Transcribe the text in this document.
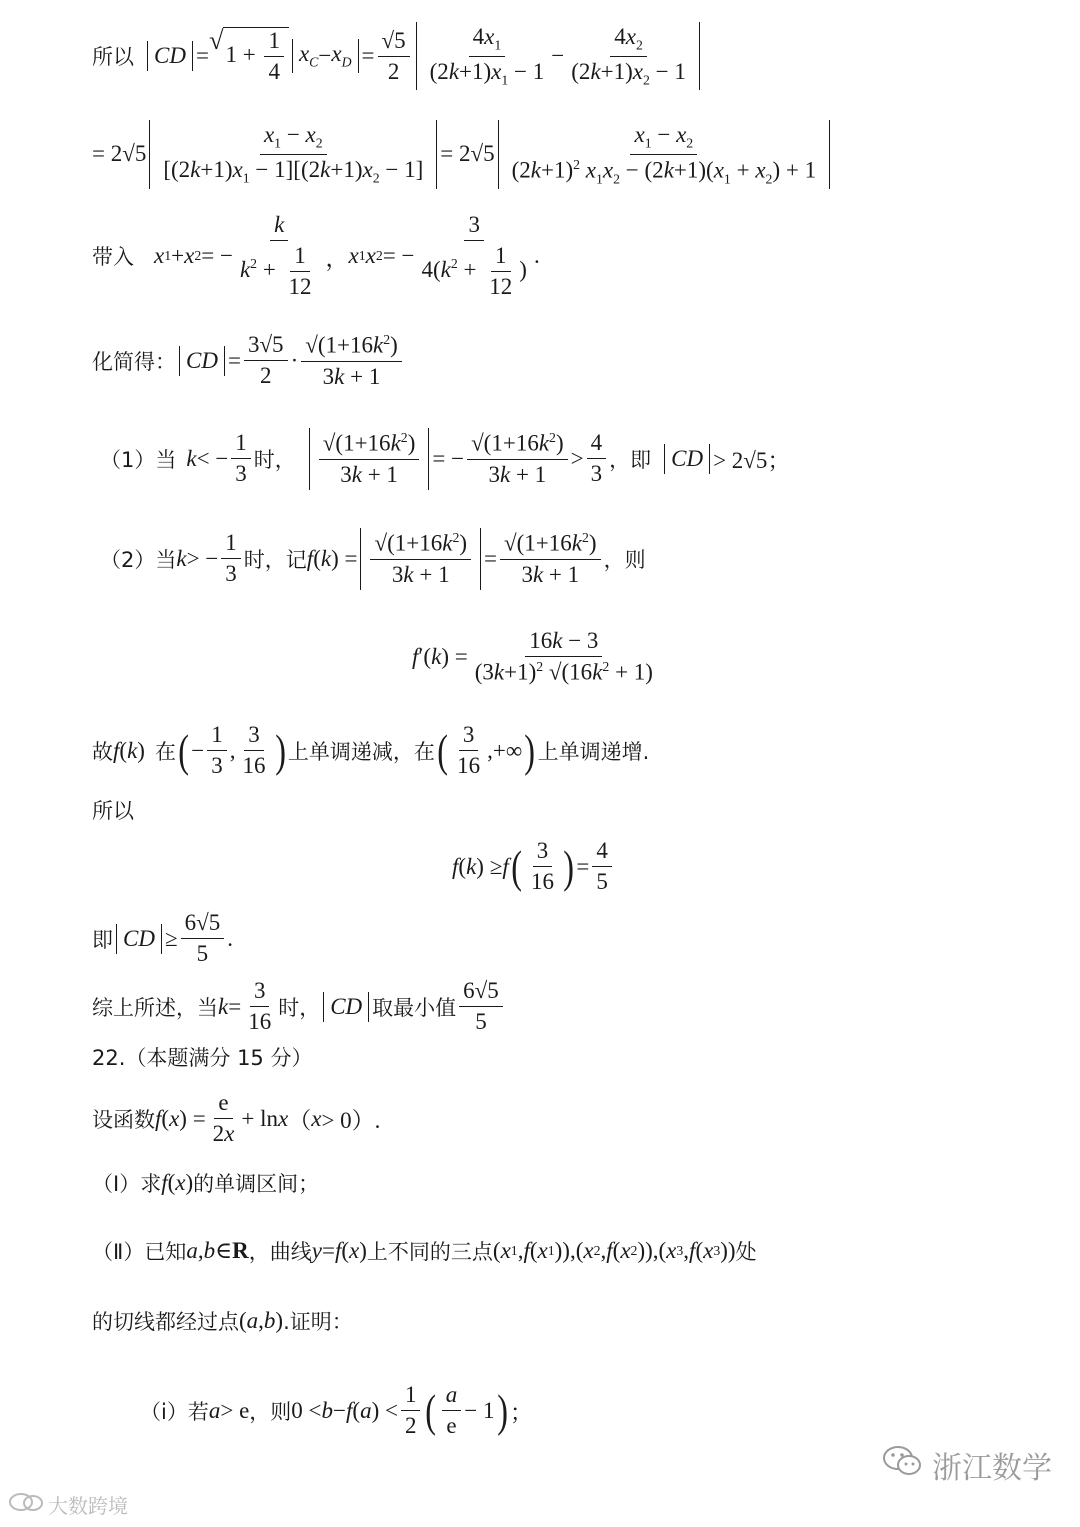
所以 CD =
√ $1 + \frac{1}{4} x_C - x_D = \frac{√5}{2} \frac{4x_1}{(2k+1)x_1 - 1} - \frac{4x_2}{(2k+1)x_2 - 1}$
= $2√5 \frac{x_1 - x_2}{[(2k+1)x_1 - 1][(2k+1)x_2 - 1]} = 2√5 \frac{x_1 - x_2}{(2k+1)^2 x_1x_2 - (2k+1)(x_1 + x_2) + 1}$
带入 x 1 + x 2 = − $\frac{k}{k^2 + \frac{1}{12}}$ ， x 1 x 2 = − $\frac{3}{4(k^2 + \frac{1}{12} )}$ .
化简得： CD = $\frac{3√5}{2} \cdot \frac{√(1+16k^2)}{3k + 1}$
（1）当 k < − $\frac{1}{3}$ 时， $\frac{√(1+16k^2)}{3k + 1}$ = − $\frac{√(1+16k^2)}{3k + 1} > \frac{4}{3}$ ，即 CD > 2√5；
（2）当 k > − $\frac{1}{3}$ 时，记 f ( k ) = $\frac{√(1+16k^2)}{3k + 1} = \frac{√(1+16k^2)}{3k + 1}$ ，则
f ′( k ) = $\frac{16k - 3}{(3k+1)^2 √(16k^2 + 1)}$
故 f ( k ) 在 ( − $\frac{1}{3}$ , $\frac{3}{16}$ ) 上单调递减，在 ( $\frac{3}{16}$ ,+∞ ) 上单调递增.
所以
f ( k ) ≥ f ( $\frac{3}{16}$ ) = $\frac{4}{5}$
即 CD ≥ $\frac{6√5}{5}$ .
综上所述，当 $k = \frac{3}{16}$ 时， CD 取最小值 $\frac{6√5}{5}$
22.（本题满分 15 分）
设函数 f ( x ) = $\frac{e}{2x} + \ln x$ （ x > 0）.
（Ⅰ）求 f ( x ) 的单调区间；
（Ⅱ）已知 a , b ∈ R ，曲线 y = f ( x ) 上不同的三点 ( x 1 , f ( x 1 )),( x 2 , f ( x 2 )),( x 3 , f ( x 3 )) 处
的切线都经过点 ( a , b ) .证明：
（i）若 a > e ，则 0 < b − f ( a ) < $\frac{1}{2}$ ( $\frac{a}{e} - 1$ ) ；
大数跨境
浙江数学
